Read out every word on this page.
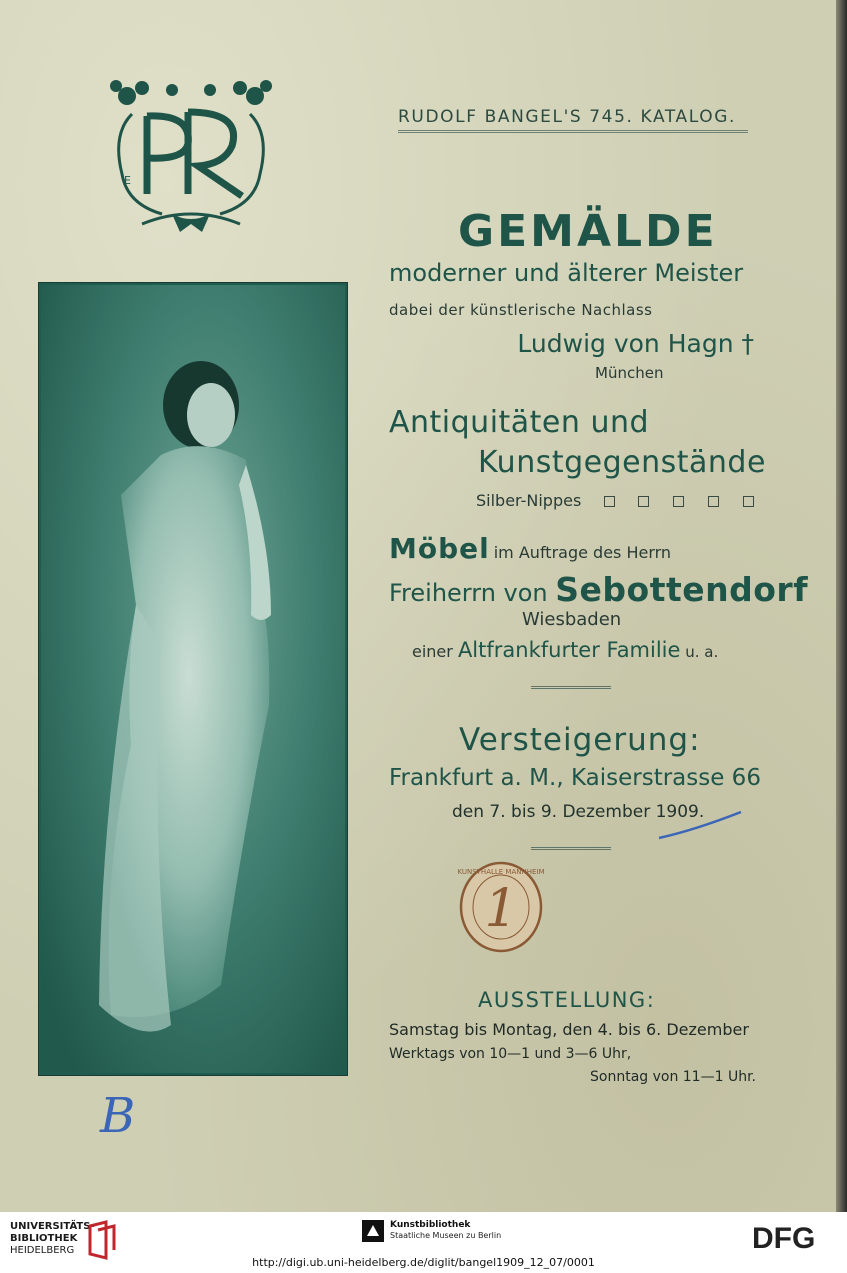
E
RUDOLF BANGEL'S 745. KATALOG.
GEMÄLDE
moderner und älterer Meister
dabei der künstlerische Nachlass
Ludwig von Hagn †
München
Antiquitäten und
Kunstgegenstände
Silber-Nippes
Möbel im Auftrage des Herrn
Freiherrn von Sebottendorf
Wiesbaden
einer Altfrankfurter Familie u. a.
Versteigerung:
Frankfurt a. M., Kaiserstrasse 66
den 7. bis 9. Dezember 1909.
1
KUNSTHALLE MANNHEIM
AUSSTELLUNG:
Samstag bis Montag, den 4. bis 6. Dezember
Werktags von 10—1 und 3—6 Uhr,
Sonntag von 11—1 Uhr.
B
UNIVERSITÄTS-
BIBLIOTHEK
HEIDELBERG
Kunstbibliothek
Staatliche Museen zu Berlin	DFG
http://digi.ub.uni-heidelberg.de/diglit/bangel1909_12_07/0001
